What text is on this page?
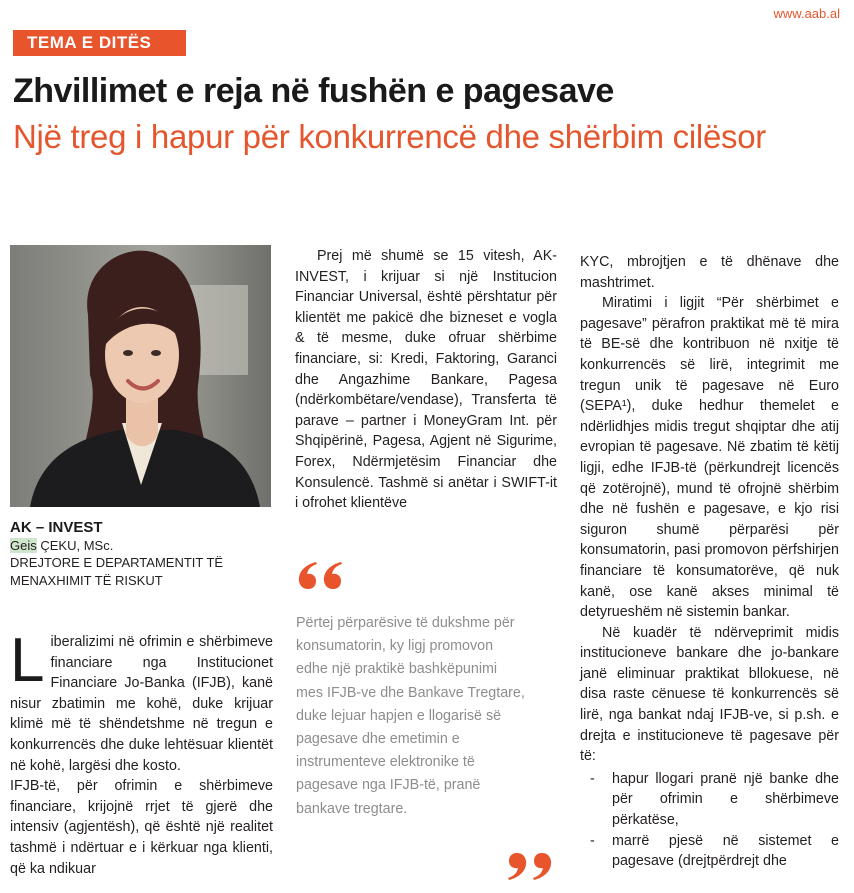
www.aab.al
TEMA E DITËS
Zhvillimet e reja në fushën e pagesave
Një treg i hapur për konkurrencë dhe shërbim cilësor
AK – INVEST
Geis ÇEKU, MSc.
DREJTORE E DEPARTAMENTIT TË MENAXHIMIT TË RISKUT

Liberalizimi në ofrimin e shërbimeve financiare nga Institucionet Financiare Jo-Banka (IFJB), kanë nisur zbatimin me kohë, duke krijuar klimë më të shëndetshme në tregun e konkurrencës dhe duke lehtësuar klientët në kohë, largësi dhe kosto.

IFJB-të, për ofrimin e shërbimeve financiare, krijojnë rrjet të gjerë dhe intensiv (agjentësh), që është një realitet tashmë i ndërtuar e i kërkuar nga klienti, që ka ndikuar

Prej më shumë se 15 vitesh, AK-INVEST, i krijuar si një Institucion Financiar Universal, është përshtatur për klientët me pakicë dhe bizneset e vogla & të mesme, duke ofruar shërbime financiare, si: Kredi, Faktoring, Garanci dhe Angazhime Bankare, Pagesa (ndërkombëtare/vendase), Transferta të parave – partner i MoneyGram Int. për Shqipërinë, Pagesa, Agjent në Sigurime, Forex, Ndërmjetësim Financiar dhe Konsulencë. Tashmë si anëtar i SWIFT-it i ofrohet klientëve

Përtej përparësive të dukshme për konsumatorin, ky ligj promovon edhe një praktikë bashkëpunimi mes IFJB-ve dhe Bankave Tregtare, duke lejuar hapjen e llogarisë së pagesave dhe emetimin e instrumenteve elektronike të pagesave nga IFJB-të, pranë bankave tregtare.

KYC, mbrojtjen e të dhënave dhe mashtrimet.

Miratimi i ligjit “Për shërbimet e pagesave” përafron praktikat më të mira të BE-së dhe kontribuon në nxitje të konkurrencës së lirë, integrimit me tregun unik të pagesave në Euro (SEPA¹), duke hedhur themelet e ndërlidhjes midis tregut shqiptar dhe atij evropian të pagesave. Në zbatim të këtij ligji, edhe IFJB-të (përkundrejt licencës që zotërojnë), mund të ofrojnë shërbim dhe në fushën e pagesave, e kjo risi siguron shumë përparësi për konsumatorin, pasi promovon përfshirjen financiare të konsumatorëve, që nuk kanë, ose kanë akses minimal të detyrueshëm në sistemin bankar.

Në kuadër të ndërveprimit midis institucioneve bankare dhe jo-bankare janë eliminuar praktikat bllokuese, në disa raste cënuese të konkurrencës së lirë, nga bankat ndaj IFJB-ve, si p.sh. e drejta e institucioneve të pagesave për të:

- hapur llogari pranë një banke dhe për ofrimin e shërbimeve përkatëse,
- marrë pjesë në sistemet e pagesave (drejtpërdrejt dhe
